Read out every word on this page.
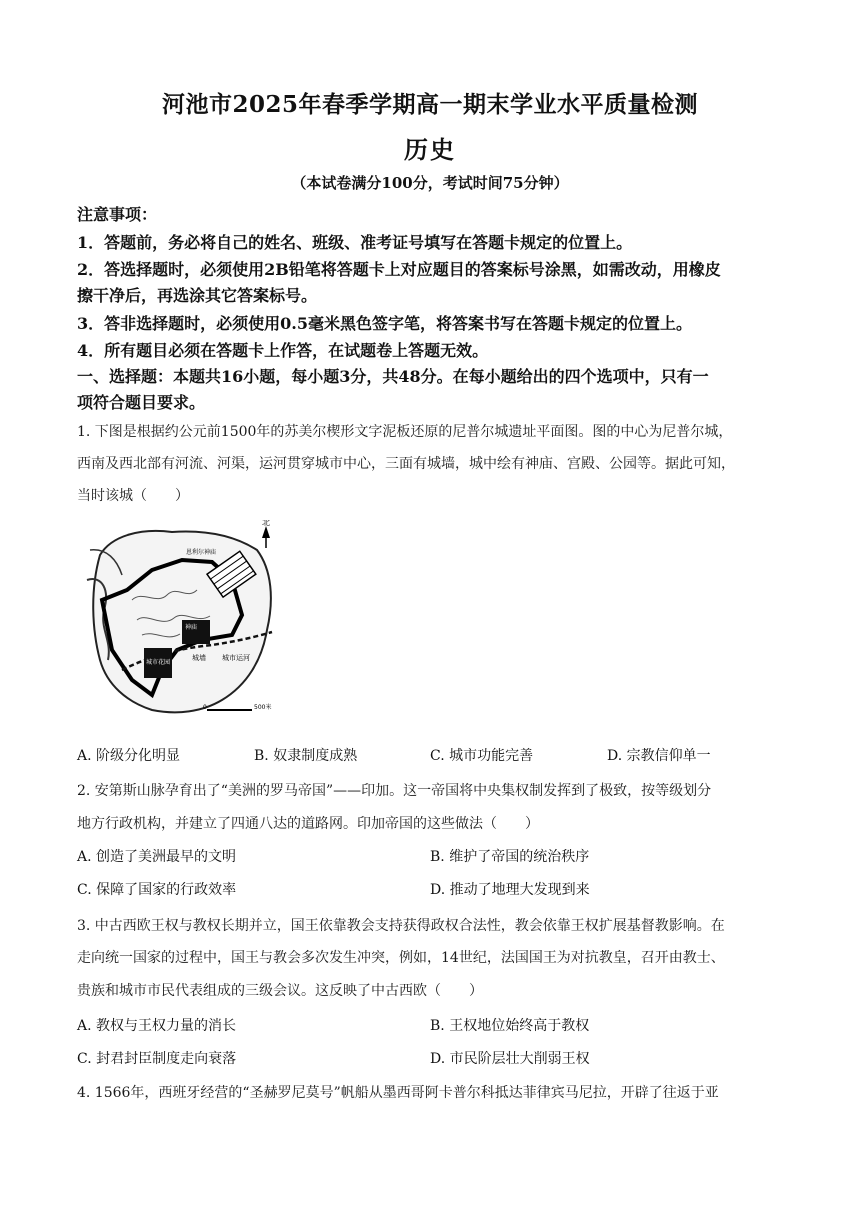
河池市2025年春季学期高一期末学业水平质量检测
历史
（本试卷满分100分，考试时间75分钟）
注意事项：
1．答题前，务必将自己的姓名、班级、准考证号填写在答题卡规定的位置上。
2．答选择题时，必须使用2B铅笔将答题卡上对应题目的答案标号涂黑，如需改动，用橡皮
擦干净后，再选涂其它答案标号。
3．答非选择题时，必须使用0.5毫米黑色签字笔，将答案书写在答题卡规定的位置上。
4．所有题目必须在答题卡上作答，在试题卷上答题无效。
一、选择题：本题共16小题，每小题3分，共48分。在每小题给出的四个选项中，只有一
项符合题目要求。
1. 下图是根据约公元前1500年的苏美尔楔形文字泥板还原的尼普尔城遗址平面图。图的中心为尼普尔城，
西南及西北部有河流、河渠，运河贯穿城市中心，三面有城墙，城中绘有神庙、宫殿、公园等。据此可知，
当时该城（　　）
北
恩利尔神庙
神庙
城墙 城市运河
城市花园
0	500米
A. 阶级分化明显	B. 奴隶制度成熟	C. 城市功能完善	D. 宗教信仰单一
2. 安第斯山脉孕育出了“美洲的罗马帝国”——印加。这一帝国将中央集权制发挥到了极致，按等级划分
地方行政机构，并建立了四通八达的道路网。印加帝国的这些做法（　　）
A. 创造了美洲最早的文明	B. 维护了帝国的统治秩序
C. 保障了国家的行政效率	D. 推动了地理大发现到来
3. 中古西欧王权与教权长期并立，国王依靠教会支持获得政权合法性，教会依靠王权扩展基督教影响。在
走向统一国家的过程中，国王与教会多次发生冲突，例如，14世纪，法国国王为对抗教皇，召开由教士、
贵族和城市市民代表组成的三级会议。这反映了中古西欧（　　）
A. 教权与王权力量的消长	B. 王权地位始终高于教权
C. 封君封臣制度走向衰落	D. 市民阶层壮大削弱王权
4. 1566年，西班牙经营的“圣赫罗尼莫号”帆船从墨西哥阿卡普尔科抵达菲律宾马尼拉，开辟了往返于亚
